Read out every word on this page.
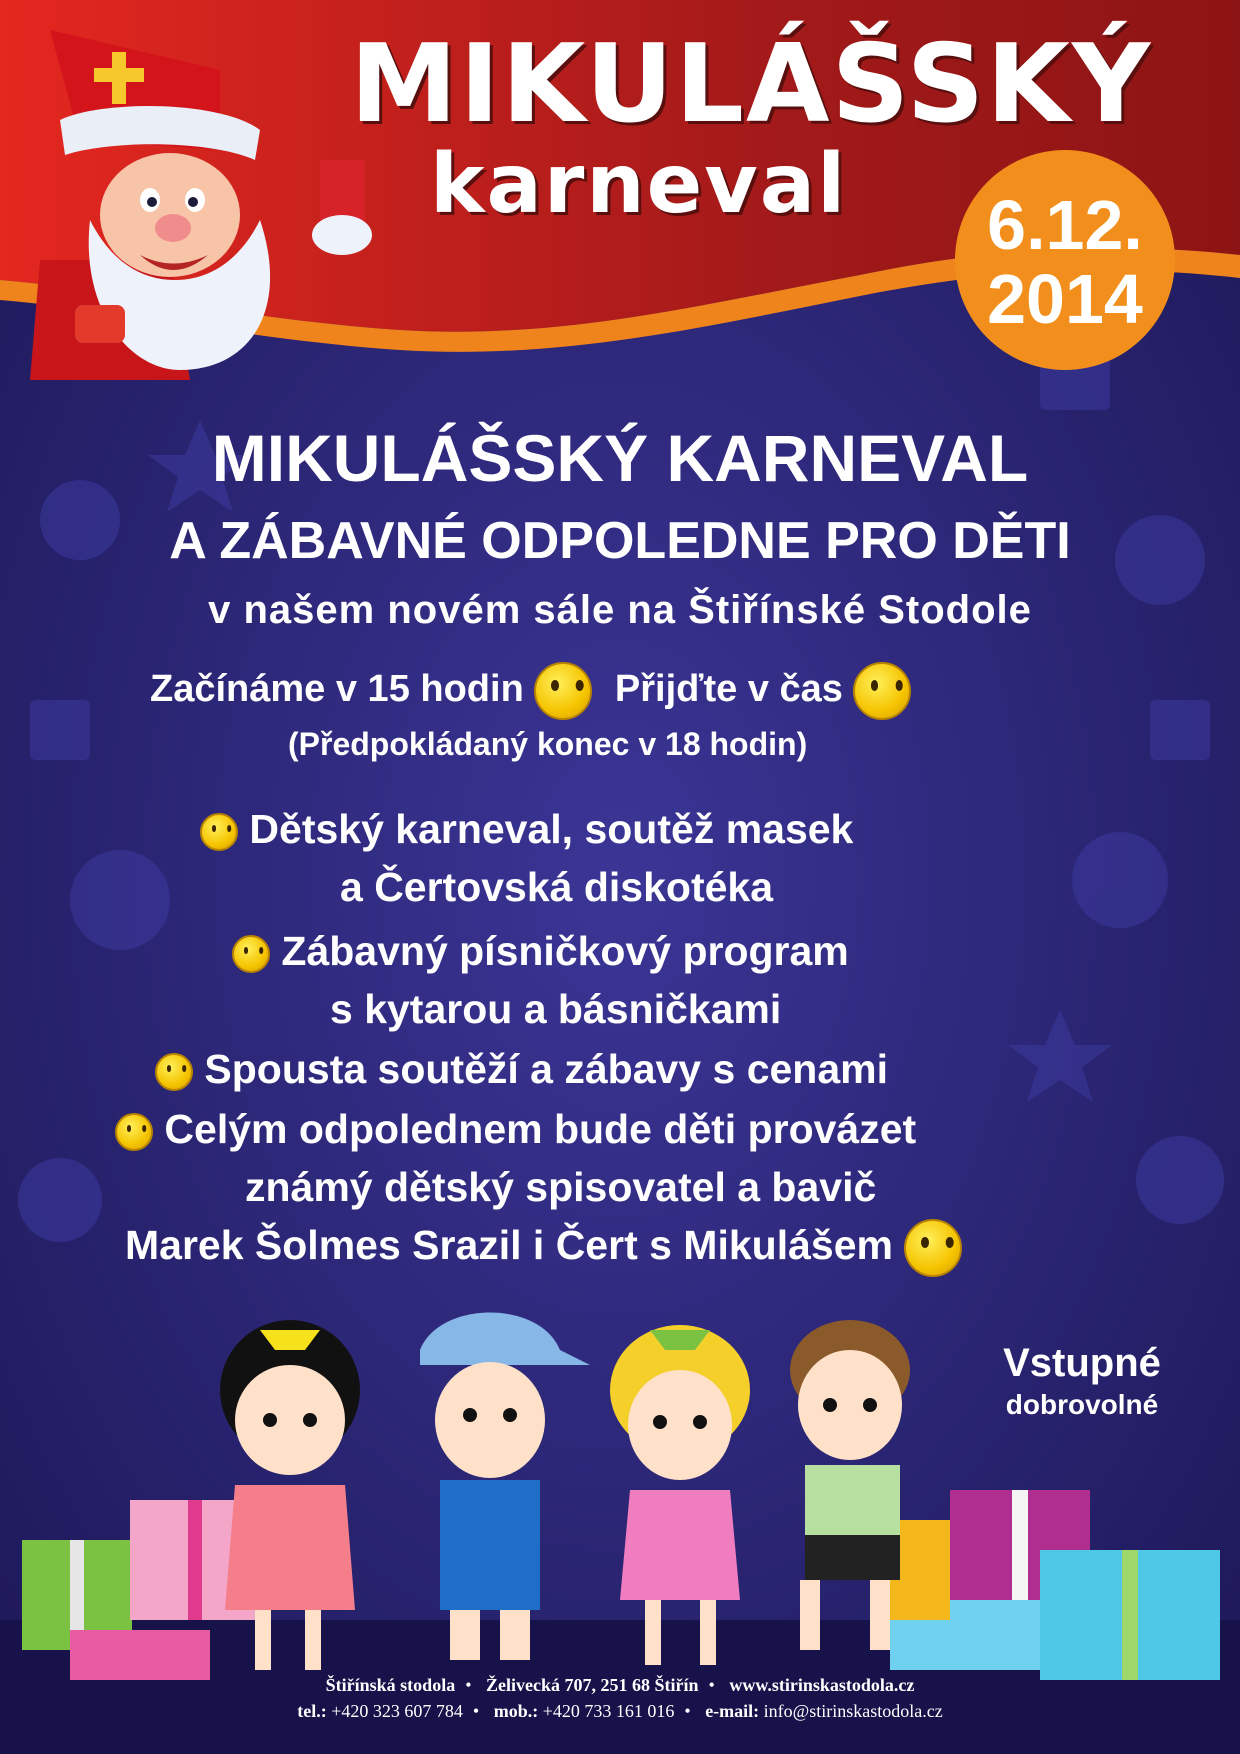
MIKULÁŠSKÝ
karneval	6.12.
2014
MIKULÁŠSKÝ KARNEVAL
A ZÁBAVNÉ ODPOLEDNE PRO DĚTI
v našem novém sále na Štiřínské Stodole
Začínáme v 15 hodin Přijďte v čas
(Předpokládaný konec v 18 hodin)
Dětský karneval, soutěž masek
a Čertovská diskotéka
Zábavný písničkový program
s kytarou a básničkami
Spousta soutěží a zábavy s cenami
Celým odpolednem bude děti provázet
známý dětský spisovatel a bavič
Marek Šolmes Srazil i Čert s Mikulášem
Vstupné
dobrovolné
Štiřínská stodola • Želivecká 707, 251 68 Štiřín • www.stirinskastodola.cz
tel.: +420 323 607 784 • mob.: +420 733 161 016 • e-mail: info@stirinskastodola.cz
